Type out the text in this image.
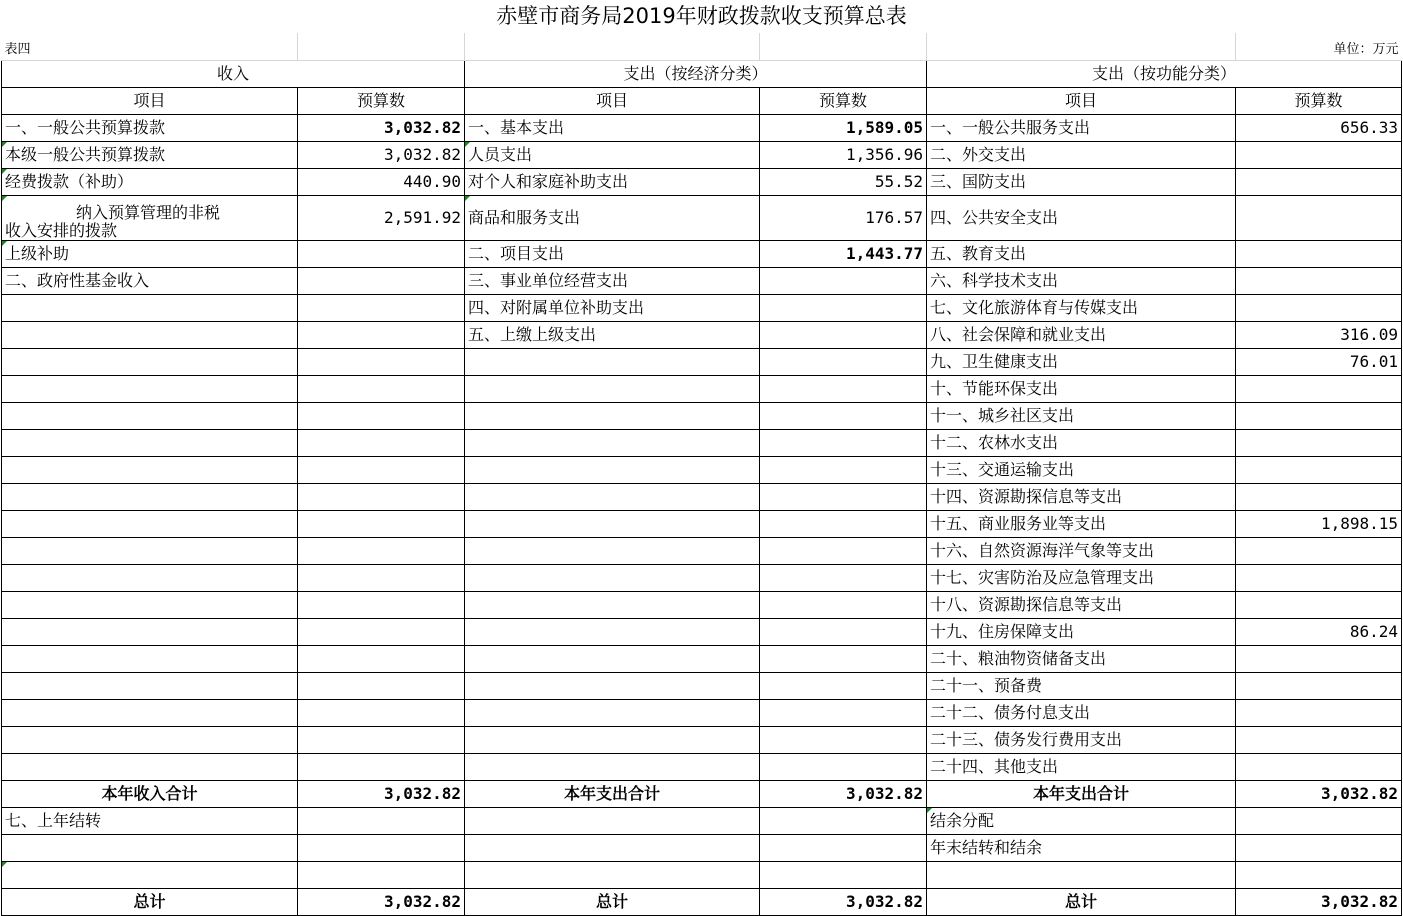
赤壁市商务局2019年财政拨款收支预算总表
表四					单位：万元
收入		支出（按经济分类）		支出（按功能分类）	
项目	预算数	项目	预算数	项目	预算数
一、一般公共预算拨款	3,032.82	一、基本支出	1,589.05	一、一般公共服务支出	656.33
本级一般公共预算拨款	3,032.82	人员支出	1,356.96	二、外交支出	
经费拨款（补助）	440.90	对个人和家庭补助支出	55.52	三、国防支出	
纳入预算管理的非税
收入安排的拨款	2,591.92	商品和服务支出	176.57	四、公共安全支出	
上级补助		二、项目支出	1,443.77	五、教育支出	
二、政府性基金收入		三、事业单位经营支出		六、科学技术支出	
		四、对附属单位补助支出		七、文化旅游体育与传媒支出	
		五、上缴上级支出		八、社会保障和就业支出	316.09
				九、卫生健康支出	76.01
				十、节能环保支出	
				十一、城乡社区支出	
				十二、农林水支出	
				十三、交通运输支出	
				十四、资源勘探信息等支出	
				十五、商业服务业等支出	1,898.15
				十六、自然资源海洋气象等支出	
				十七、灾害防治及应急管理支出	
				十八、资源勘探信息等支出	
				十九、住房保障支出	86.24
				二十、粮油物资储备支出	
				二十一、预备费	
				二十二、债务付息支出	
				二十三、债务发行费用支出	
				二十四、其他支出	
本年收入合计	3,032.82	本年支出合计	3,032.82	本年支出合计	3,032.82
七、上年结转				结余分配	
				年末结转和结余	

总计	3,032.82	总计	3,032.82	总计	3,032.82
